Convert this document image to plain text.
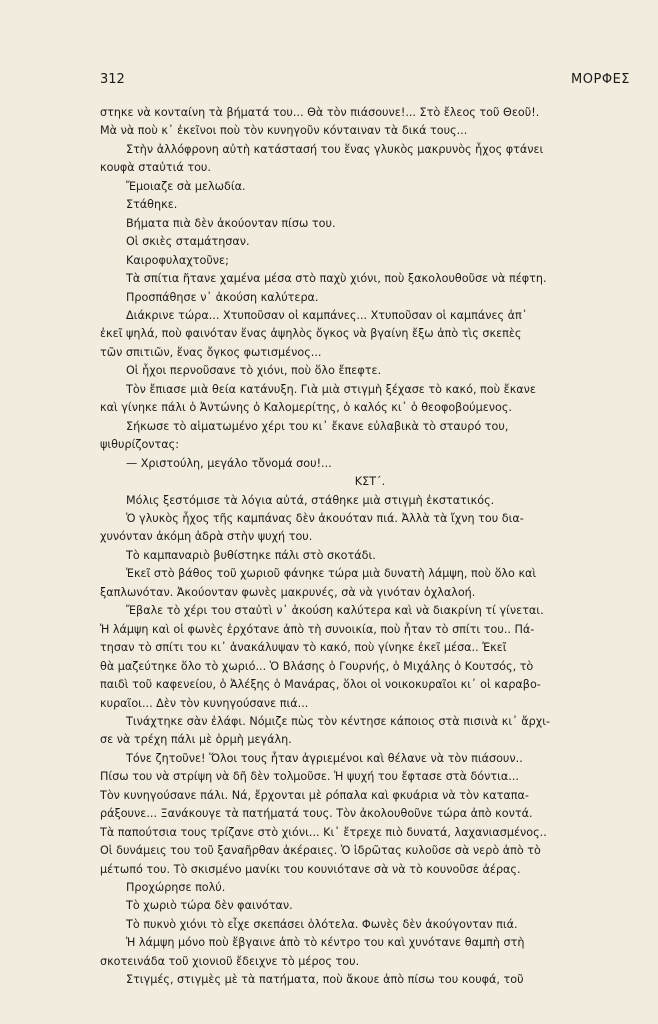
312	ΜΟΡΦΕΣ
στηκε νὰ κονταίνη τὰ βήματά του... Θὰ τὸν πιάσουνε!... Στὸ ἔλεος τοῦ Θεοῦ!.
Μὰ νὰ ποὺ κ᾿ ἐκεῖνοι ποὺ τὸν κυνηγοῦν κόνταιναν τὰ δικά τους...
Στὴν ἀλλόφρονη αὐτὴ κατάστασή του ἕνας γλυκὸς μακρυνὸς ἦχος φτάνει
κουφὰ σταὐτιά του.
Ἔμοιαζε σὰ μελωδία.
Στάθηκε.
Βήματα πιὰ δὲν ἀκούονταν πίσω του.
Οἱ σκιὲς σταμάτησαν.
Καιροφυλαχτοῦνε;
Τὰ σπίτια ἤτανε χαμένα μέσα στὸ παχὺ χιόνι, ποὺ ξακολουθοῦσε νὰ πέφτη.
Προσπάθησε ν᾿ ἀκούση καλύτερα.
Διάκρινε τώρα... Χτυποῦσαν οἱ καμπάνες... Χτυποῦσαν οἱ καμπάνες ἀπ᾿
ἐκεῖ ψηλά, ποὺ φαινόταν ἕνας ἀψηλὸς ὄγκος νὰ βγαίνη ἔξω ἀπὸ τὶς σκεπὲς
τῶν σπιτιῶν, ἕνας ὄγκος φωτισμένος...
Οἱ ἦχοι περνοῦσανε τὸ χιόνι, ποὺ ὅλο ἔπεφτε.
Τὸν ἔπιασε μιὰ θεία κατάνυξη. Γιὰ μιὰ στιγμὴ ξέχασε τὸ κακό, ποὺ ἔκανε
καὶ γίνηκε πάλι ὁ Ἀντώνης ὁ Καλομερίτης, ὁ καλός κι᾿ ὁ θεοφοβούμενος.
Σήκωσε τὸ αἱματωμένο χέρι του κι᾿ ἔκανε εὐλαβικὰ τὸ σταυρό του,
ψιθυρίζοντας:
— Χριστούλη, μεγάλο τὄνομά σου!...
ΚΣΤ΄.
Μόλις ξεστόμισε τὰ λόγια αὐτά, στάθηκε μιὰ στιγμὴ ἐκστατικός.
Ὁ γλυκὸς ἦχος τῆς καμπάνας δὲν ἀκουόταν πιά. Ἀλλὰ τὰ ἴχνη του δια-
χυνόνταν ἀκόμη ἀδρὰ στὴν ψυχή του.
Τὸ καμπαναριὸ βυθίστηκε πάλι στὸ σκοτάδι.
Ἐκεῖ στὸ βάθος τοῦ χωριοῦ φάνηκε τώρα μιὰ δυνατὴ λάμψη, ποὺ ὅλο καὶ
ξαπλωνόταν. Ἀκούονταν φωνὲς μακρυνές, σὰ νὰ γινόταν ὀχλαλοή.
Ἔβαλε τὸ χέρι του σταὐτὶ ν᾿ ἀκούση καλύτερα καὶ νὰ διακρίνη τί γίνεται.
Ἡ λάμψη καὶ οἱ φωνὲς ἐρχότανε ἀπὸ τὴ συνοικία, ποὺ ἦταν τὸ σπίτι του.. Πά-
τησαν τὸ σπίτι του κι᾿ ἀνακάλυψαν τὸ κακό, ποὺ γίνηκε ἐκεῖ μέσα.. Ἐκεῖ
θὰ μαζεύτηκε ὅλο τὸ χωριό... Ὁ Βλάσης ὁ Γουρνής, ὁ Μιχάλης ὁ Κουτσός, τὸ
παιδὶ τοῦ καφενείου, ὁ Ἀλέξης ὁ Μανάρας, ὅλοι οἱ νοικοκυραῖοι κι᾿ οἱ καραβο-
κυραῖοι... Δὲν τὸν κυνηγούσανε πιά...
Τινάχτηκε σὰν ἐλάφι. Νόμιζε πὼς τὸν κέντησε κάποιος στὰ πισινὰ κι᾿ ἄρχι-
σε νὰ τρέχη πάλι μὲ ὁρμὴ μεγάλη.
Τόνε ζητοῦνε! Ὅλοι τους ἦταν ἀγριεμένοι καὶ θέλανε νὰ τὸν πιάσουν..
Πίσω του νὰ στρίψη νὰ δῆ δὲν τολμοῦσε. Ἡ ψυχή του ἔφτασε στὰ δόντια...
Τὸν κυνηγούσανε πάλι. Νά, ἔρχονται μὲ ρόπαλα καὶ φκυάρια νὰ τὸν καταπα-
ράξουνε... Ξανάκουγε τὰ πατήματά τους. Τὸν ἀκολουθοῦνε τώρα ἀπὸ κοντά.
Τὰ παπούτσια τους τρίζανε στὸ χιόνι... Κι᾿ ἔτρεχε πιὸ δυνατά, λαχανιασμένος..
Οἱ δυνάμεις του τοῦ ξαναῆρθαν ἀκέραιες. Ὁ ἱδρῶτας κυλοῦσε σὰ νερὸ ἀπὸ τὸ
μέτωπό του. Τὸ σκισμένο μανίκι του κουνιότανε σὰ νὰ τὸ κουνοῦσε ἀέρας.
Προχώρησε πολύ.
Τὸ χωριὸ τώρα δὲν φαινόταν.
Τὸ πυκνὸ χιόνι τὸ εἶχε σκεπάσει ὁλότελα. Φωνὲς δὲν ἀκούγονταν πιά.
Ἡ λάμψη μόνο ποὺ ἔβγαινε ἀπὸ τὸ κέντρο του καὶ χυνότανε θαμπὴ στὴ
σκοτεινάδα τοῦ χιονιοῦ ἔδειχνε τὸ μέρος του.
Στιγμές, στιγμὲς μὲ τὰ πατήματα, ποὺ ἄκουε ἀπὸ πίσω του κουφά, τοῦ
